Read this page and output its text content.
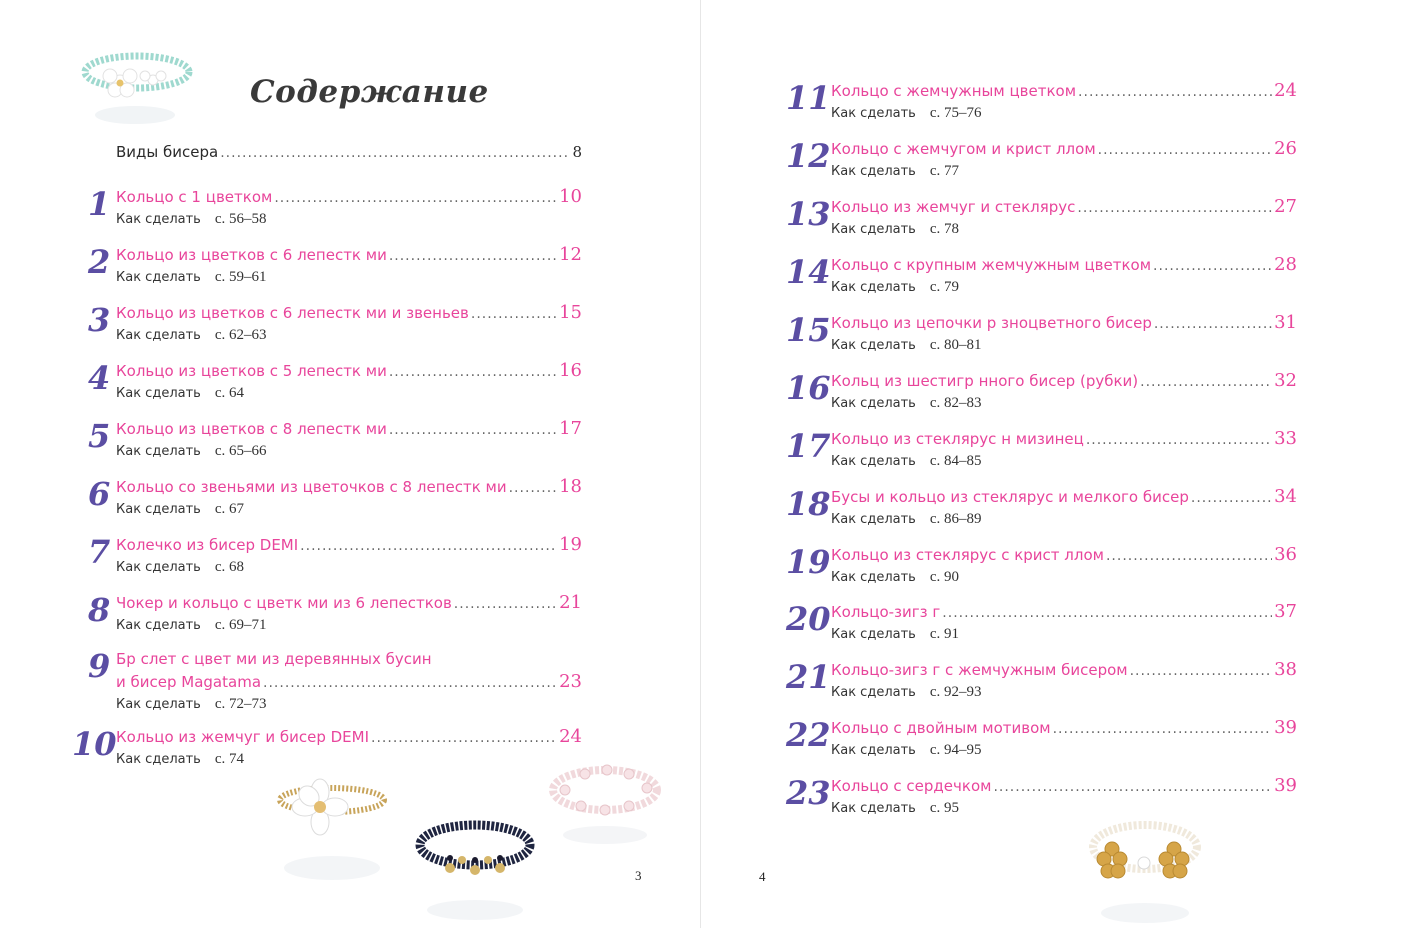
Содержание
Виды бисера .....	8
1 Кольцо с 1 цветком .....	10
Как сделать с. 56–58
2 Кольцо из цветков с 6 лепестк ми .....	12
Как сделать с. 59–61
3 Кольцо из цветков с 6 лепестк ми и звеньев .....	15
Как сделать с. 62–63
4 Кольцо из цветков с 5 лепестк ми .....	16
Как сделать с. 64
5 Кольцо из цветков с 8 лепестк ми .....	17
Как сделать с. 65–66
6 Кольцо со звеньями из цветочков с 8 лепестк ми .....	18
Как сделать с. 67
7 Колечко из бисер DEMI .....	19
Как сделать с. 68
8 Чокер и кольцо с цветк ми из 6 лепестков .....	21
Как сделать с. 69–71
9 Бр слет с цвет ми из деревянных бусин
и бисер Magatama .....	23
Как сделать с. 72–73
10 Кольцо из жемчуг и бисер DEMI .....	24
Как сделать с. 74
11 Кольцо с жемчужным цветком .....	24
Как сделать с. 75–76
12 Кольцо с жемчугом и крист ллом .....	26
Как сделать с. 77
13 Кольцо из жемчуг и стеклярус .....	27
Как сделать с. 78
14 Кольцо с крупным жемчужным цветком .....	28
Как сделать с. 79
15 Кольцо из цепочки р зноцветного бисер .....	31
Как сделать с. 80–81
16 Кольц из шестигр нного бисер (рубки) .....	32
Как сделать с. 82–83
17 Кольцо из стеклярус н мизинец .....	33
Как сделать с. 84–85
18 Бусы и кольцо из стеклярус и мелкого бисер .....	34
Как сделать с. 86–89
19 Кольцо из стеклярус с крист ллом .....	36
Как сделать с. 90
20 Кольцо-зигз г .....	37
Как сделать с. 91
21 Кольцо-зигз г с жемчужным бисером .....	38
Как сделать с. 92–93
22 Кольцо с двойным мотивом .....	39
Как сделать с. 94–95
23 Кольцо с сердечком .....	39
Как сделать с. 95
3	4
